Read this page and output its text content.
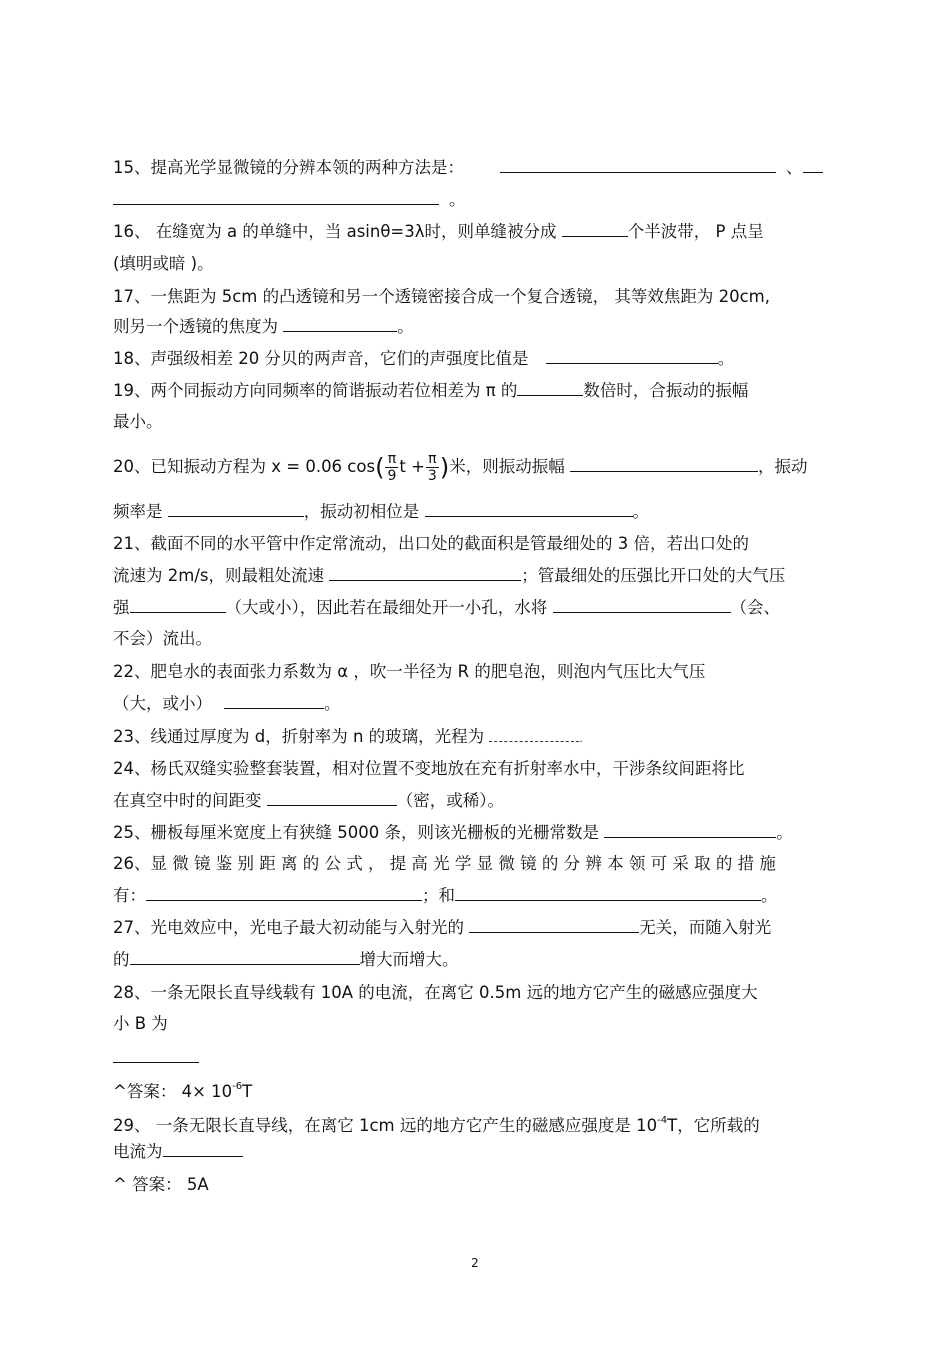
15、提高光学显微镜的分辨本领的两种方法是：	、
。
16、 在缝宽为 a 的单缝中，当 asinθ=3λ时，则单缝被分成	个半波带， P 点呈
(填明或暗 )。
17、一焦距为 5cm 的凸透镜和另一个透镜密接合成一个复合透镜， 其等效焦距为 20cm,
则另一个透镜的焦度为	。
18、声强级相差 20 分贝的两声音，它们的声强度比值是	。
19、两个同振动方向同频率的简谐振动若位相差为 π 的	数倍时，合振动的振幅
最小。
20、已知振动方程为 x = 0.06 $\cos( \frac{\pi}{9}$ $t + \frac{\pi}{3}$ )米，则振动振幅	，振动
频率是	，振动初相位是	。
21、截面不同的水平管中作定常流动，出口处的截面积是管最细处的 3 倍，若出口处的
流速为 2m/s，则最粗处流速	；管最细处的压强比开口处的大气压
强	（大或小），因此若在最细处开一小孔，水将	（会、
不会）流出。
22、肥皂水的表面张力系数为 α ，吹一半径为 R 的肥皂泡，则泡内气压比大气压
（大，或小）	。
23、线通过厚度为 d，折射率为 n 的玻璃，光程为	.
24、杨氏双缝实验整套装置，相对位置不变地放在充有折射率水中，干涉条纹间距将比
在真空中时的间距变	（密，或稀）。
25、栅板每厘米宽度上有狭缝 5000 条，则该光栅板的光栅常数是	。
26、显 微 镜 鉴 别 距 离 的 公 式 ， 提 高 光 学 显 微 镜 的 分 辨 本 领 可 采 取 的 措 施
有：	；和	。
27、光电效应中，光电子最大初动能与入射光的	无关，而随入射光
的	增大而增大。
28、一条无限长直导线载有 10A 的电流，在离它 0.5m 远的地方它产生的磁感应强度大
小 B 为
^答案： $4\times 10^{-6}T$
29、 一条无限长直导线，在离它 1cm 远的地方它产生的磁感应强度是 $10^{-4}T$，它所载的
电流为
^ 答案： 5A
2
